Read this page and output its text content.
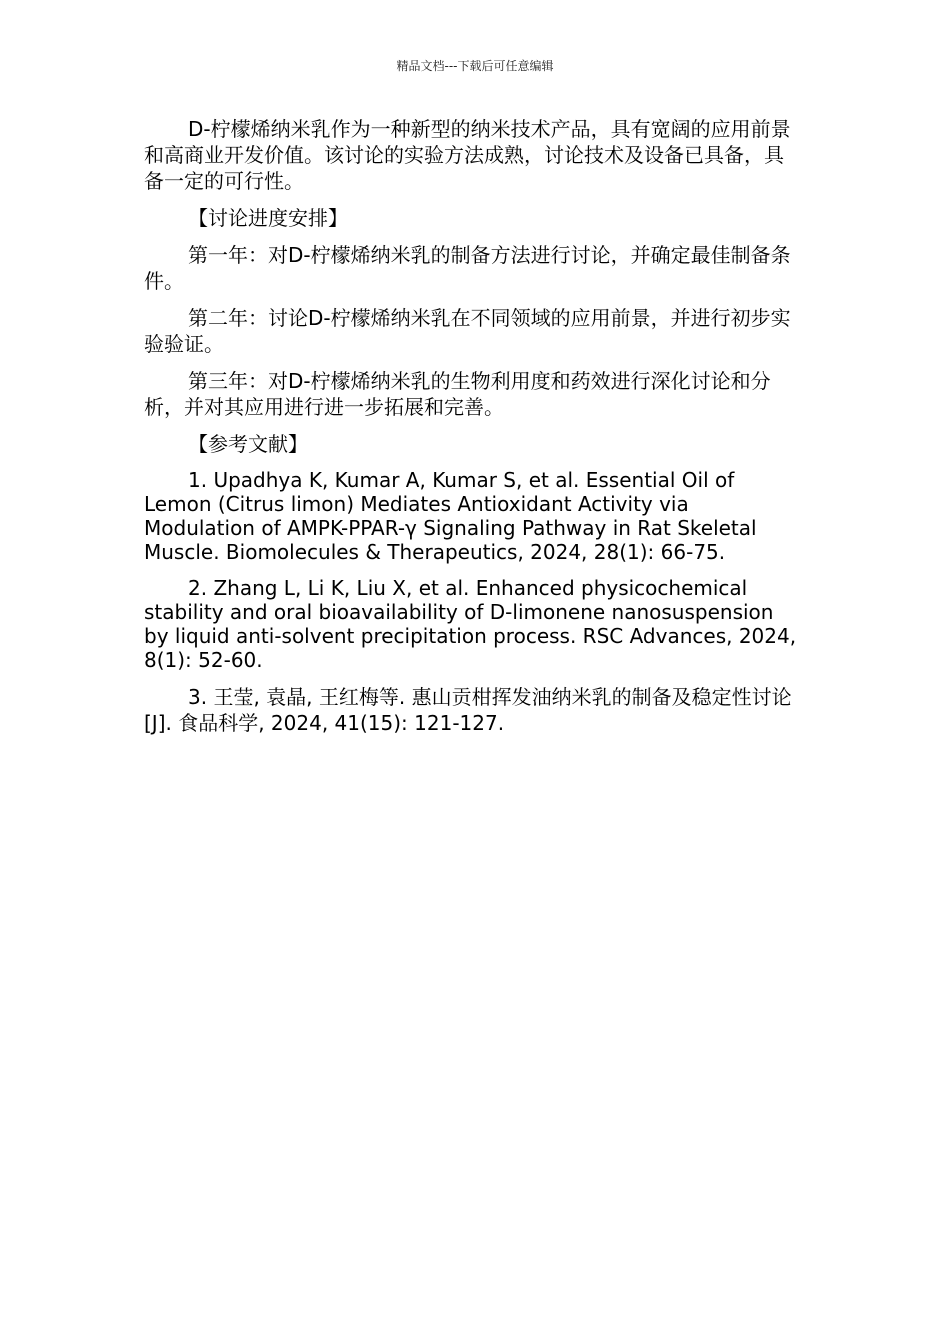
精品文档---下载后可任意编辑

D-柠檬烯纳米乳作为一种新型的纳米技术产品，具有宽阔的应用前景和高商业开发价值。该讨论的实验方法成熟，讨论技术及设备已具备，具备一定的可行性。

【讨论进度安排】

第一年：对D-柠檬烯纳米乳的制备方法进行讨论，并确定最佳制备条件。

第二年：讨论D-柠檬烯纳米乳在不同领域的应用前景，并进行初步实验验证。

第三年：对D-柠檬烯纳米乳的生物利用度和药效进行深化讨论和分析，并对其应用进行进一步拓展和完善。

【参考文献】

1. Upadhya K, Kumar A, Kumar S, et al. Essential Oil of Lemon (Citrus limon) Mediates Antioxidant Activity via Modulation of AMPK-PPAR-γ Signaling Pathway in Rat Skeletal Muscle. Biomolecules & Therapeutics, 2024, 28(1): 66-75.

2. Zhang L, Li K, Liu X, et al. Enhanced physicochemical stability and oral bioavailability of D-limonene nanosuspension by liquid anti-solvent precipitation process. RSC Advances, 2024, 8(1): 52-60.

3. 王莹, 袁晶, 王红梅等. 惠山贡柑挥发油纳米乳的制备及稳定性讨论[J]. 食品科学, 2024, 41(15): 121-127.
